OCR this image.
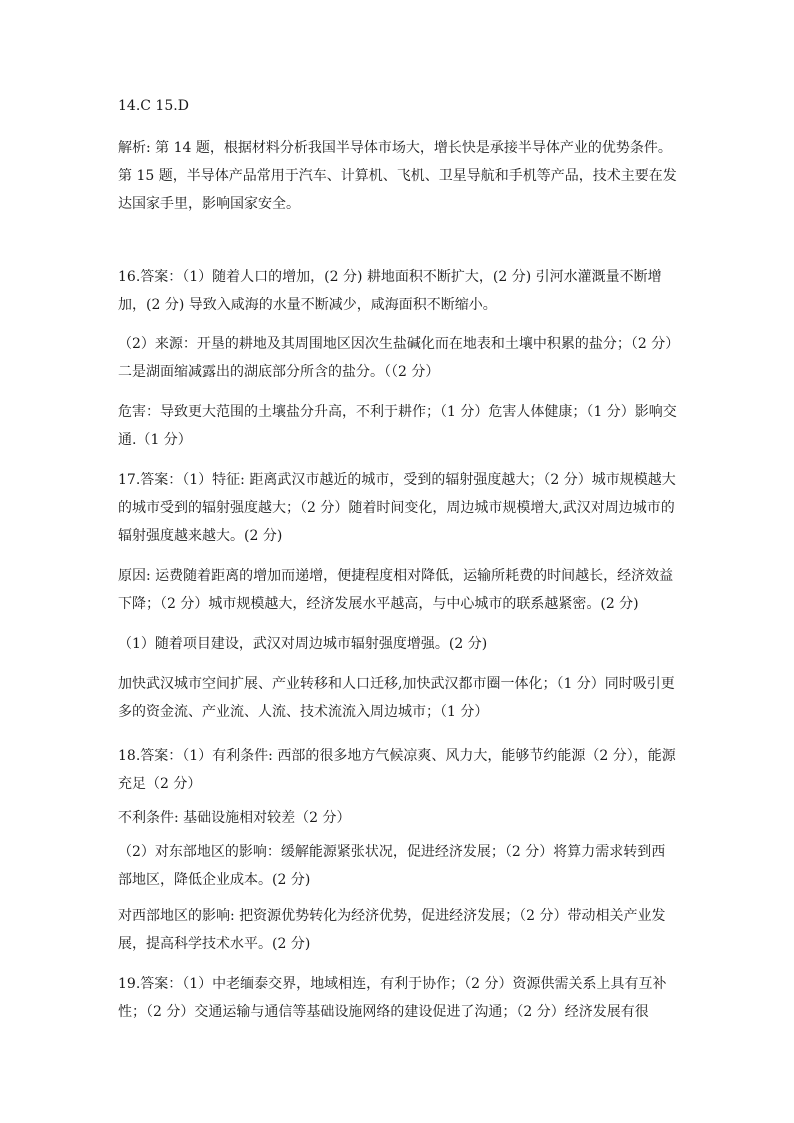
14.C 15.D

解析: 第 14 题，根据材料分析我国半导体市场大，增长快是承接半导体产业的优势条件。第 15 题，半导体产品常用于汽车、计算机、飞机、卫星导航和手机等产品，技术主要在发达国家手里，影响国家安全。

16.答案：（1）随着人口的增加，(2 分) 耕地面积不断扩大，(2 分) 引河水灌溉量不断增加，(2 分) 导致入咸海的水量不断减少，咸海面积不断缩小。

（2）来源：开垦的耕地及其周围地区因次生盐碱化而在地表和土壤中积累的盐分；（2 分）二是湖面缩减露出的湖底部分所含的盐分。（（2 分）

危害：导致更大范围的土壤盐分升高，不利于耕作；（1 分）危害人体健康；（1 分）影响交通.（1 分）

17.答案：（1）特征: 距离武汉市越近的城市，受到的辐射强度越大；（2 分）城市规模越大的城市受到的辐射强度越大；（2 分）随着时间变化，周边城市规模增大,武汉对周边城市的辐射强度越来越大。(2 分)

原因: 运费随着距离的增加而递增，便捷程度相对降低，运输所耗费的时间越长，经济效益下降；（2 分）城市规模越大，经济发展水平越高，与中心城市的联系越紧密。(2 分)

（1）随着项目建设，武汉对周边城市辐射强度增强。(2 分)

加快武汉城市空间扩展、产业转移和人口迁移,加快武汉都市圈一体化；（1 分）同时吸引更多的资金流、产业流、人流、技术流流入周边城市；（1 分）

18.答案：（1）有利条件: 西部的很多地方气候凉爽、风力大，能够节约能源（2 分），能源充足（2 分）

不利条件: 基础设施相对较差（2 分）

（2）对东部地区的影响：缓解能源紧张状况，促进经济发展；（2 分）将算力需求转到西部地区，降低企业成本。(2 分)

对西部地区的影响: 把资源优势转化为经济优势，促进经济发展；（2 分）带动相关产业发展，提高科学技术水平。(2 分)

19.答案：（1）中老缅泰交界，地域相连，有利于协作；（2 分）资源供需关系上具有互补性；（2 分）交通运输与通信等基础设施网络的建设促进了沟通；（2 分）经济发展有很
